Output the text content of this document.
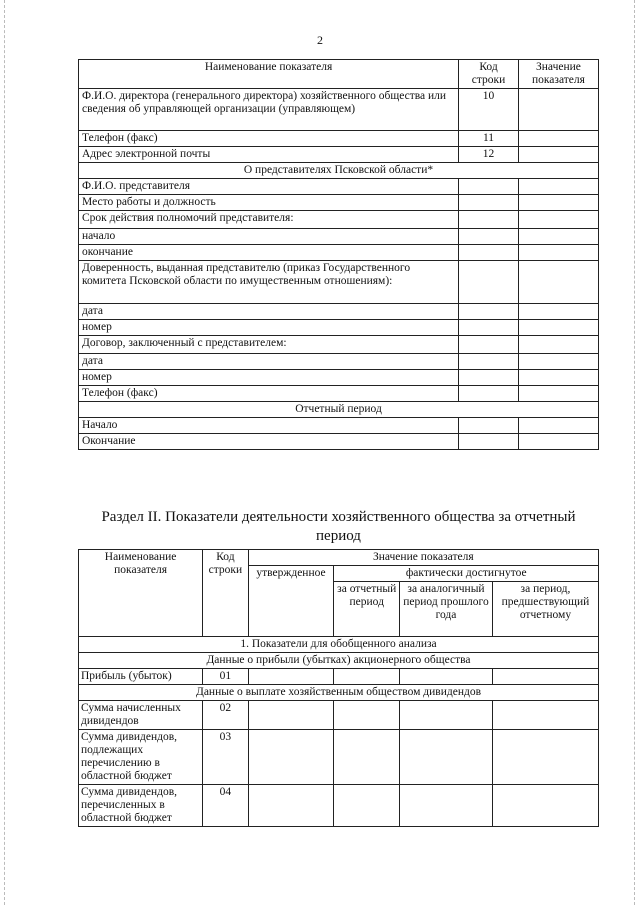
2
Наименование показателя	Код строки	Значение показателя
Ф.И.О. директора (генерального директора) хозяйственного общества или сведения об управляющей организации (управляющем)	10	
Телефон (факс)	11	
Адрес электронной почты	12	
О представителях Псковской области*		
Ф.И.О. представителя		
Место работы и должность		
Срок действия полномочий представителя:		
начало		
окончание		
Доверенность, выданная представителю (приказ Государственного комитета Псковской области по имущественным отношениям):		
дата		
номер		
Договор, заключенный с представителем:		
дата		
номер		
Телефон (факс)		
Отчетный период		
Начало		
Окончание		
Раздел II. Показатели деятельности хозяйственного общества за отчетный период
Наименование показателя	Код строки	Значение показателя			
		утвержденное	фактически достигнутое		
			за отчетный период	за аналогичный период прошлого года	за период, предшествующий отчетному
1. Показатели для обобщенного анализа					
Данные о прибыли (убытках) акционерного общества					
Прибыль (убыток)	01				
Данные о выплате хозяйственным обществом дивидендов					
Сумма начисленных дивидендов	02				
Сумма дивидендов, подлежащих перечислению в областной бюджет	03				
Сумма дивидендов, перечисленных в областной бюджет	04				
